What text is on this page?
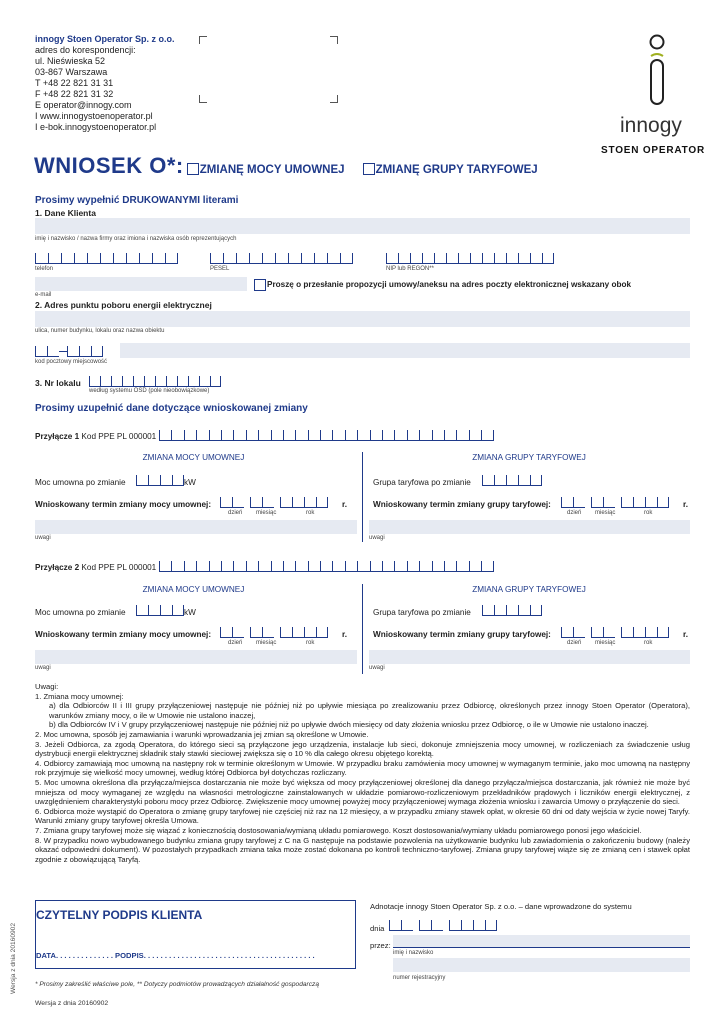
innogy Stoen Operator Sp. z o.o.
adres do korespondencji:
ul. Nieświeska 52
03-867 Warszawa
T +48 22 821 31 31
F +48 22 821 31 32
E operator@innogy.com
I www.innogystoenoperator.pl
I e-bok.innogystoenoperator.pl	innogy
STOEN OPERATOR
WNIOSEK O*: ZMIANĘ MOCY UMOWNEJ	ZMIANĘ GRUPY TARYFOWEJ
Prosimy wypełnić DRUKOWANYMI literami
1. Dane Klienta
imię i nazwisko / nazwa firmy oraz imiona i nazwiska osób reprezentujących
telefon	PESEL	NIP lub REGON**
e-mail
Proszę o przesłanie propozycji umowy/aneksu na adres poczty elektronicznej wskazany obok
2. Adres punktu poboru energii elektrycznej
ulica, numer budynku, lokalu oraz nazwa obiektu
kod pocztowy miejscowość
3. Nr lokalu
według systemu OSD (pole nieobowiązkowe)
Prosimy uzupełnić dane dotyczące wnioskowanej zmiany
Przyłącze 1 Kod PPE PL 000001
ZMIANA MOCY UMOWNEJ	ZMIANA GRUPY TARYFOWEJ
Moc umowna po zmianie	kW	Grupa taryfowa po zmianie
Wnioskowany termin zmiany mocy umownej:	r.
dzień miesiąc	rok
Wnioskowany termin zmiany grupy taryfowej:	r.
dzień miesiąc	rok
uwagi	uwagi
Przyłącze 2 Kod PPE PL 000001
ZMIANA MOCY UMOWNEJ	ZMIANA GRUPY TARYFOWEJ
Moc umowna po zmianie	kW	Grupa taryfowa po zmianie
Wnioskowany termin zmiany mocy umownej:	r.
dzień miesiąc	rok
Wnioskowany termin zmiany grupy taryfowej:	r.
dzień miesiąc	rok
uwagi	uwagi
Uwagi:
1. Zmiana mocy umownej:
a) dla Odbiorców II i III grupy przyłączeniowej następuje nie później niż po upływie miesiąca po zrealizowaniu przez Odbiorcę, określonych przez innogy Stoen Operator (Operatora), warunków zmiany mocy, o ile w Umowie nie ustalono inaczej,
b) dla Odbiorców IV i V grupy przyłączeniowej następuje nie później niż po upływie dwóch miesięcy od daty złożenia wniosku przez Odbiorcę, o ile w Umowie nie ustalono inaczej.
2. Moc umowna, sposób jej zamawiania i warunki wprowadzania jej zmian są określone w Umowie.
3. Jeżeli Odbiorca, za zgodą Operatora, do którego sieci są przyłączone jego urządzenia, instalacje lub sieci, dokonuje zmniejszenia mocy umownej, w rozliczeniach za świadczenie usług dystrybucji energii elektrycznej składnik stały stawki sieciowej zwiększa się o 10 % dla całego okresu objętego korektą.
4. Odbiorcy zamawiają moc umowną na następny rok w terminie określonym w Umowie. W przypadku braku zamówienia mocy umownej w wymaganym terminie, jako moc umowną na następny rok przyjmuje się wielkość mocy umownej, według której Odbiorca był dotychczas rozliczany.
5. Moc umowna określona dla przyłącza/miejsca dostarczania nie może być większa od mocy przyłączeniowej określonej dla danego przyłącza/miejsca dostarczania, jak również nie może być mniejsza od mocy wymaganej ze względu na własności metrologiczne zainstalowanych w układzie pomiarowo-rozliczeniowym przekładników prądowych i liczników energii elektrycznej, z uwzględnieniem charakterystyki poboru mocy przez Odbiorcę. Zwiększenie mocy umownej powyżej mocy przyłączeniowej wymaga złożenia wniosku i zawarcia Umowy o przyłączenie do sieci.
6. Odbiorca może wystąpić do Operatora o zmianę grupy taryfowej nie częściej niż raz na 12 miesięcy, a w przypadku zmiany stawek opłat, w okresie 60 dni od daty wejścia w życie nowej Taryfy. Warunki zmiany grupy taryfowej określa Umowa.
7. Zmiana grupy taryfowej może się wiązać z koniecznością dostosowania/wymianą układu pomiarowego. Koszt dostosowania/wymiany układu pomiarowego ponosi jego właściciel.
8. W przypadku nowo wybudowanego budynku zmiana grupy taryfowej z C na G następuje na podstawie pozwolenia na użytkowanie budynku lub zawiadomienia o zakończeniu budowy (należy okazać odpowiedni dokument). W pozostałych przypadkach zmiana taka może zostać dokonana po kontroli techniczno-taryfowej. Zmiana grupy taryfowej wiąże się ze zmianą cen i stawek opłat zgodnie z obowiązującą Taryfą.
CZYTELNY PODPIS KLIENTA
DATA. . . . . . . . . . . . . . PODPIS. . . . . . . . . . . . . . . . . . . . . . . . . . . . . . . . . . . . . . . . .
* Prosimy zakreślić właściwe pole, ** Dotyczy podmiotów prowadzących działalność gospodarczą
Wersja z dnia 20160902
Wersja z dnia 20160902
Adnotacje innogy Stoen Operator Sp. z o.o. – dane wprowadzone do systemu
dnia
przez:
imię i nazwisko
numer rejestracyjny
